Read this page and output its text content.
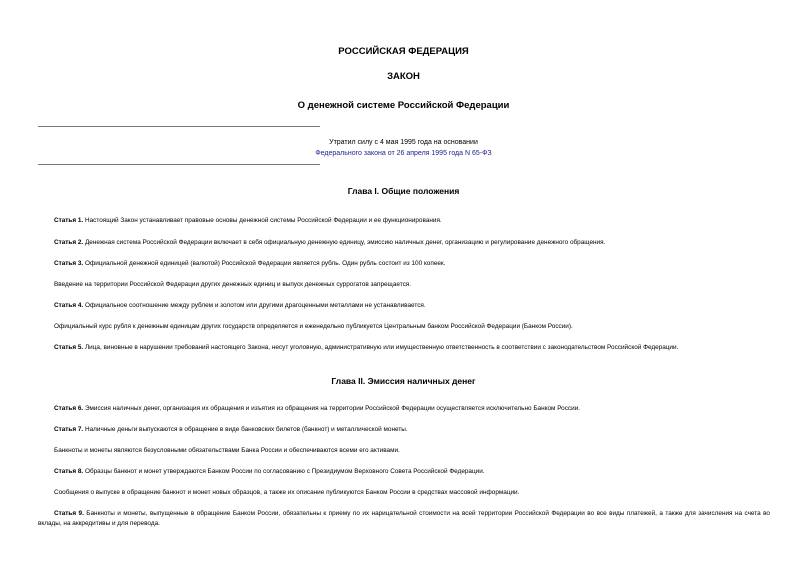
РОССИЙСКАЯ ФЕДЕРАЦИЯ
ЗАКОН
О денежной системе Российской Федерации
Утратил силу с 4 мая 1995 года на основании
Федерального закона от 26 апреля 1995 года N 65-ФЗ
Глава I. Общие положения
Статья 1. Настоящий Закон устанавливает правовые основы денежной системы Российской Федерации и ее функционирования.
Статья 2. Денежная система Российской Федерации включает в себя официальную денежную единицу, эмиссию наличных денег, организацию и регулирование денежного обращения.
Статья 3. Официальной денежной единицей (валютой) Российской Федерации является рубль. Один рубль состоит из 100 копеек.
Введение на территории Российской Федерации других денежных единиц и выпуск денежных суррогатов запрещается.
Статья 4. Официальное соотношение между рублем и золотом или другими драгоценными металлами не устанавливается.
Официальный курс рубля к денежным единицам других государств определяется и еженедельно публикуется Центральным банком Российской Федерации (Банком России).
Статья 5. Лица, виновные в нарушении требований настоящего Закона, несут уголовную, административную или имущественную ответственность в соответствии с законодательством Российской Федерации.
Глава II. Эмиссия наличных денег
Статья 6. Эмиссия наличных денег, организация их обращения и изъятия из обращения на территории Российской Федерации осуществляется исключительно Банком России.
Статья 7. Наличные деньги выпускаются в обращение в виде банковских билетов (банкнот) и металлической монеты.
Банкноты и монеты являются безусловными обязательствами Банка России и обеспечиваются всеми его активами.
Статья 8. Образцы банкнот и монет утверждаются Банком России по согласованию с Президиумом Верховного Совета Российской Федерации.
Сообщения о выпуске в обращение банкнот и монет новых образцов, а также их описание публикуются Банком России в средствах массовой информации.
Статья 9. Банкноты и монеты, выпущенные в обращение Банком России, обязательны к приему по их нарицательной стоимости на всей территории Российской Федерации во все виды платежей, а также для зачисления на счета во вклады, на аккредитивы и для перевода.
